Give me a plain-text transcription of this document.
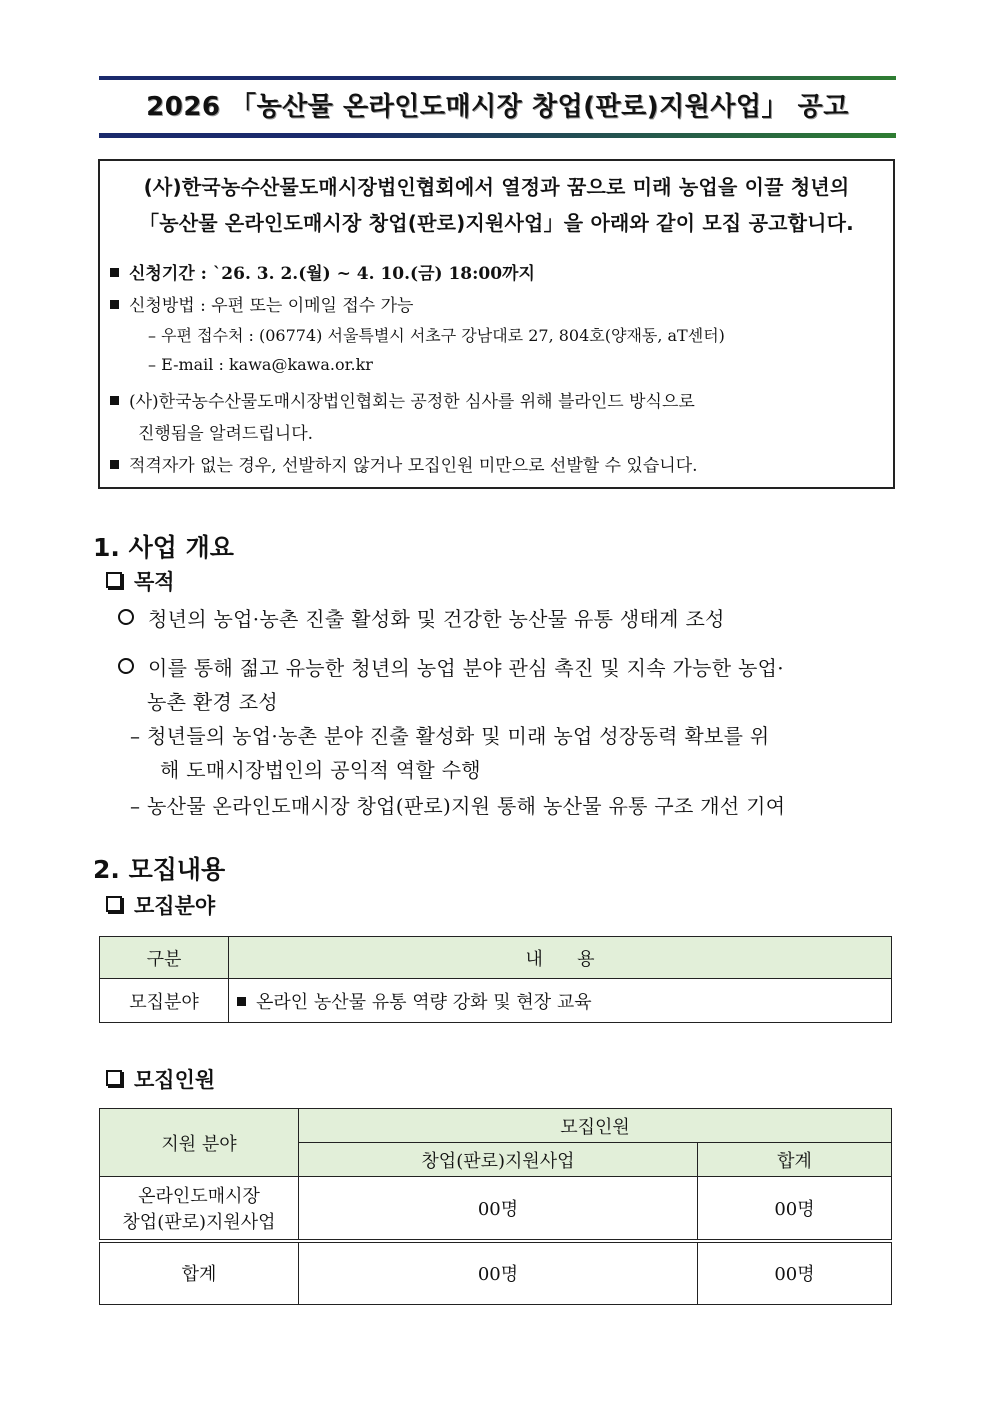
2026 「농산물 온라인도매시장 창업(판로)지원사업」 공고
(사)한국농수산물도매시장법인협회에서 열정과 꿈으로 미래 농업을 이끌 청년의
「농산물 온라인도매시장 창업(판로)지원사업」을 아래와 같이 모집 공고합니다.
신청기간 : `26. 3. 2.(월) ~ 4. 10.(금) 18:00까지
신청방법 : 우편 또는 이메일 접수 가능
– 우편 접수처 : (06774) 서울특별시 서초구 강남대로 27, 804호(양재동, aT센터)
– E-mail : kawa@kawa.or.kr
(사)한국농수산물도매시장법인협회는 공정한 심사를 위해 블라인드 방식으로
진행됨을 알려드립니다.
적격자가 없는 경우, 선발하지 않거나 모집인원 미만으로 선발할 수 있습니다.
1. 사업 개요
목적
청년의 농업·농촌 진출 활성화 및 건강한 농산물 유통 생태계 조성
이를 통해 젊고 유능한 청년의 농업 분야 관심 촉진 및 지속 가능한 농업·
농촌 환경 조성
– 청년들의 농업·농촌 분야 진출 활성화 및 미래 농업 성장동력 확보를 위
해 도매시장법인의 공익적 역할 수행
– 농산물 온라인도매시장 창업(판로)지원 통해 농산물 유통 구조 개선 기여
2. 모집내용
모집분야
구분	내      용
모집분야	온라인 농산물 유통 역량 강화 및 현장 교육
모집인원
지원 분야	모집인원	
	창업(판로)지원사업	합계

온라인도매시장
창업(판로)지원사업	00명	00명
합계	00명	00명
